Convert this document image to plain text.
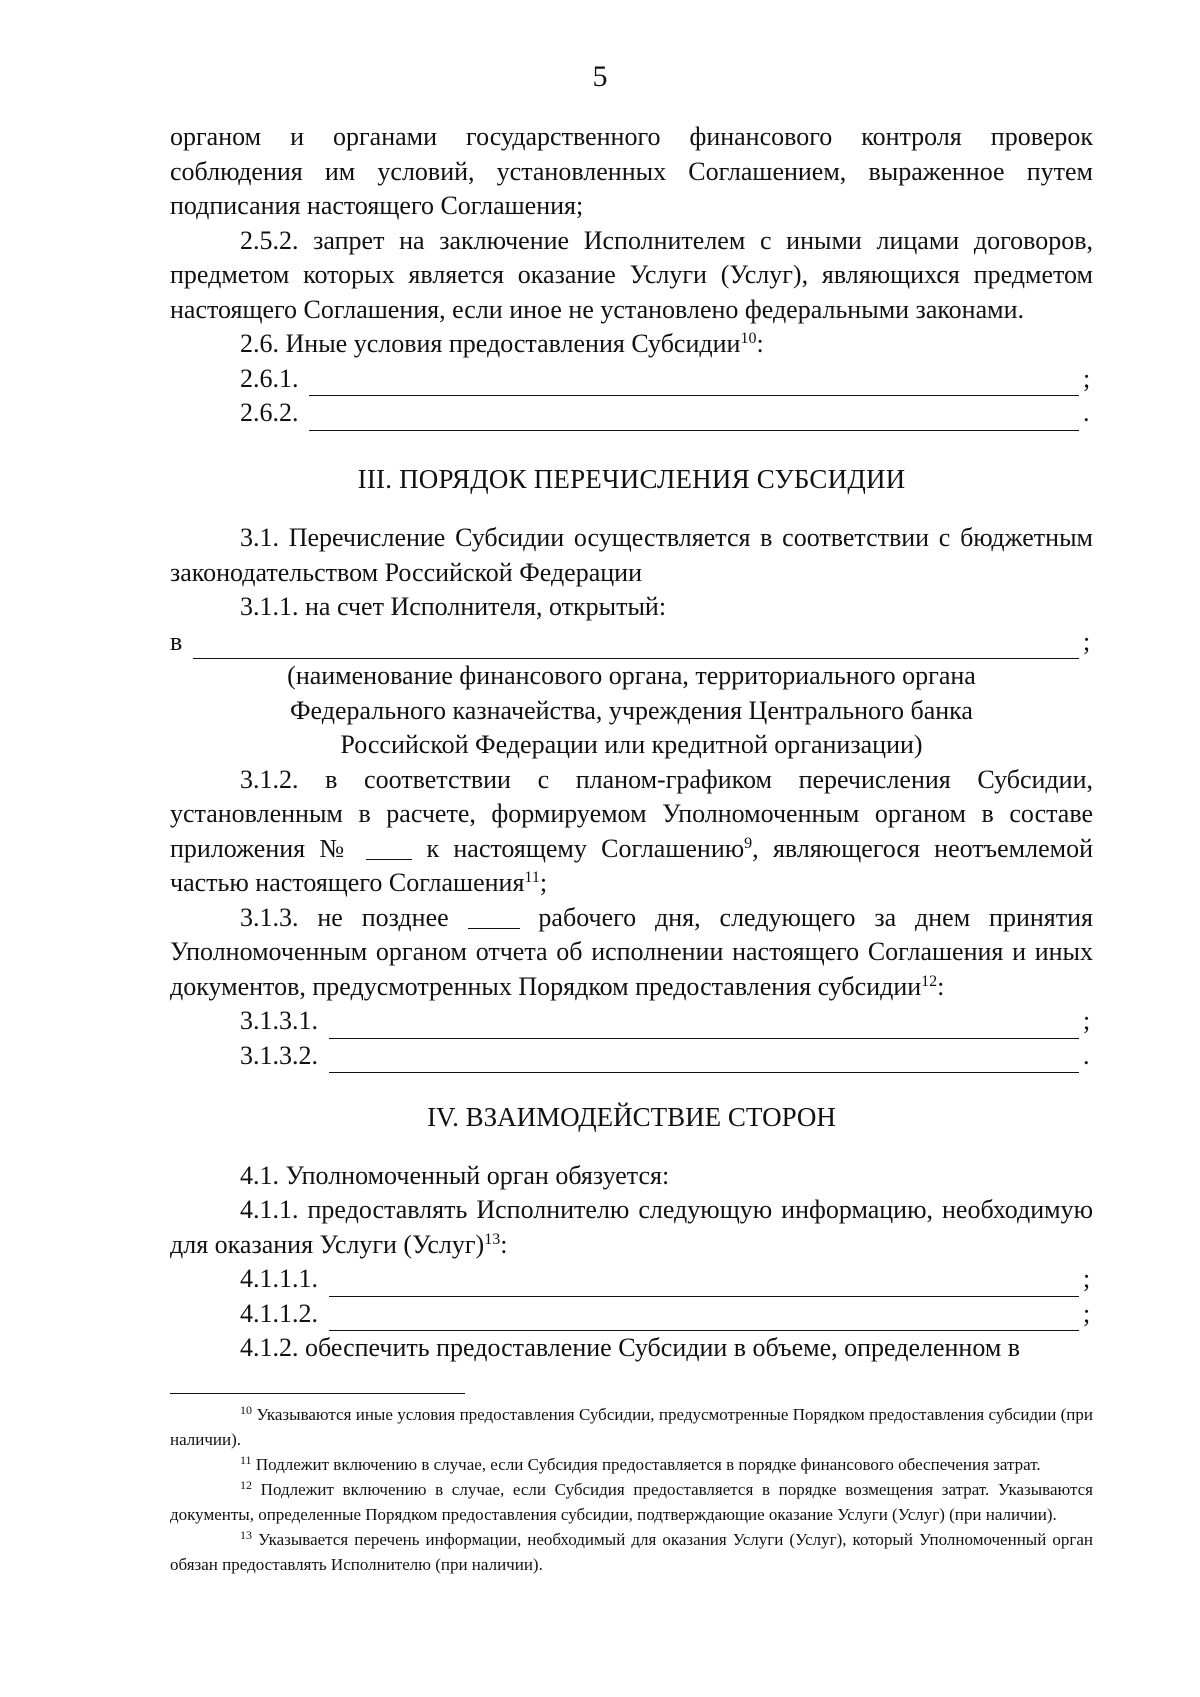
5

органом и органами государственного финансового контроля проверок соблюдения им условий, установленных Соглашением, выраженное путем подписания настоящего Соглашения;

2.5.2. запрет на заключение Исполнителем с иными лицами договоров, предметом которых является оказание Услуги (Услуг), являющихся предметом настоящего Соглашения, если иное не установлено федеральными законами.

2.6. Иные условия предоставления Субсидии$^{10}$:

2.6.1.	;
2.6.2.	.
III. ПОРЯДОК ПЕРЕЧИСЛЕНИЯ СУБСИДИИ

3.1. Перечисление Субсидии осуществляется в соответствии с бюджетным законодательством Российской Федерации

3.1.1. на счет Исполнителя, открытый:

в	;

(наименование финансового органа, территориального органа

Федерального казначейства, учреждения Центрального банка

Российской Федерации или кредитной организации)

3.1.2. в соответствии с планом-графиком перечисления Субсидии, установленным в расчете, формируемом Уполномоченным органом в составе приложения №  к настоящему Соглашению$^9$, являющегося неотъемлемой частью настоящего Соглашения$^{11}$;

3.1.3. не позднее  рабочего дня, следующего за днем принятия Уполномоченным органом отчета об исполнении настоящего Соглашения и иных документов, предусмотренных Порядком предоставления субсидии$^{12}$:

3.1.3.1.	;
3.1.3.2.	.
IV. ВЗАИМОДЕЙСТВИЕ СТОРОН

4.1. Уполномоченный орган обязуется:

4.1.1. предоставлять Исполнителю следующую информацию, необходимую для оказания Услуги (Услуг)$^{13}$:

4.1.1.1.	;
4.1.1.2.	;

4.1.2. обеспечить предоставление Субсидии в объеме, определенном в

$^{10}$ Указываются иные условия предоставления Субсидии, предусмотренные Порядком предоставления субсидии (при наличии).

$^{11}$ Подлежит включению в случае, если Субсидия предоставляется в порядке финансового обеспечения затрат.

$^{12}$ Подлежит включению в случае, если Субсидия предоставляется в порядке возмещения затрат. Указываются документы, определенные Порядком предоставления субсидии, подтверждающие оказание Услуги (Услуг) (при наличии).

$^{13}$ Указывается перечень информации, необходимый для оказания Услуги (Услуг), который Уполномоченный орган обязан предоставлять Исполнителю (при наличии).
